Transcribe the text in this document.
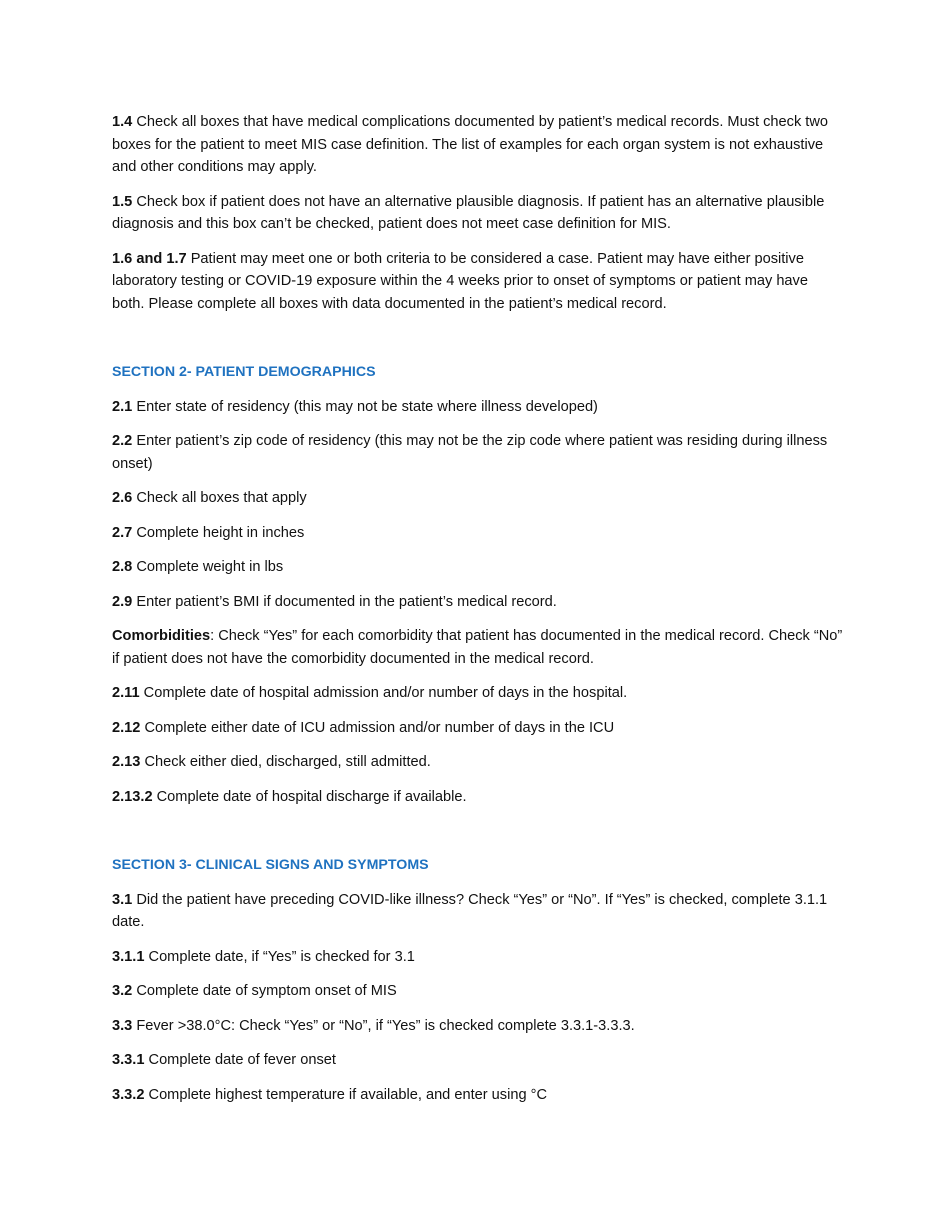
1.4 Check all boxes that have medical complications documented by patient’s medical records. Must check two boxes for the patient to meet MIS case definition. The list of examples for each organ system is not exhaustive and other conditions may apply.

1.5 Check box if patient does not have an alternative plausible diagnosis. If patient has an alternative plausible diagnosis and this box can’t be checked, patient does not meet case definition for MIS.

1.6 and 1.7 Patient may meet one or both criteria to be considered a case. Patient may have either positive laboratory testing or COVID-19 exposure within the 4 weeks prior to onset of symptoms or patient may have both. Please complete all boxes with data documented in the patient’s medical record.

SECTION 2- PATIENT DEMOGRAPHICS

2.1 Enter state of residency (this may not be state where illness developed)

2.2 Enter patient’s zip code of residency (this may not be the zip code where patient was residing during illness onset)

2.6 Check all boxes that apply

2.7 Complete height in inches

2.8 Complete weight in lbs

2.9 Enter patient’s BMI if documented in the patient’s medical record.

Comorbidities: Check “Yes” for each comorbidity that patient has documented in the medical record. Check “No” if patient does not have the comorbidity documented in the medical record.

2.11 Complete date of hospital admission and/or number of days in the hospital.

2.12 Complete either date of ICU admission and/or number of days in the ICU

2.13 Check either died, discharged, still admitted.

2.13.2 Complete date of hospital discharge if available.

SECTION 3- CLINICAL SIGNS AND SYMPTOMS

3.1 Did the patient have preceding COVID-like illness? Check “Yes” or “No”. If “Yes” is checked, complete 3.1.1 date.

3.1.1 Complete date, if “Yes” is checked for 3.1

3.2 Complete date of symptom onset of MIS

3.3 Fever >38.0°C: Check “Yes” or “No”, if “Yes” is checked complete 3.3.1-3.3.3.

3.3.1 Complete date of fever onset

3.3.2 Complete highest temperature if available, and enter using °C
